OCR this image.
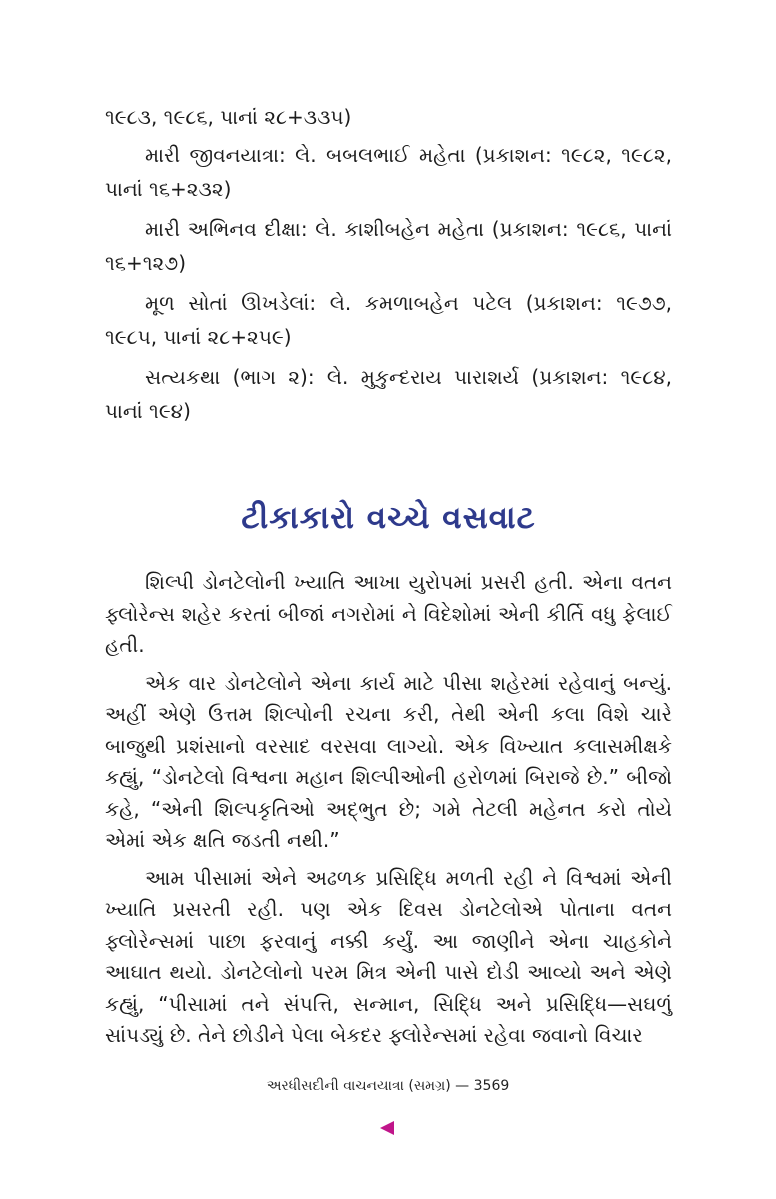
૧૯૮૩, ૧૯૮૬, પાનાં ૨૮+૩૩૫)

મારી જીવનયાત્રા: લે. બબલભાઈ મહેતા (પ્રકાશન: ૧૯૮૨, ૧૯૮૨, પાનાં ૧૬+૨૩૨)

મારી અભિનવ દીક્ષા: લે. કાશીબહેન મહેતા (પ્રકાશન: ૧૯૮૬, પાનાં ૧૬+૧૨૭)

મૂળ સોતાં ઊખડેલાં: લે. કમળાબહેન પટેલ (પ્રકાશન: ૧૯૭૭, ૧૯૮૫, પાનાં ૨૮+૨૫૯)

સત્યકથા (ભાગ ૨): લે. મુકુન્દરાય પારાશર્ય (પ્રકાશન: ૧૯૮૪, પાનાં ૧૯૪)

ટીકાકારો વચ્ચે વસવાટ

શિલ્પી ડોનટેલોની ખ્યાતિ આખા યુરોપમાં પ્રસરી હતી. એના વતન ફ્લોરેન્સ શહેર કરતાં બીજાં નગરોમાં ને વિદેશોમાં એની કીર્તિ વધુ ફેલાઈ હતી.

એક વાર ડોનટેલોને એના કાર્ય માટે પીસા શહેરમાં રહેવાનું બન્યું. અહીં એણે ઉત્તમ શિલ્પોની રચના કરી, તેથી એની કલા વિશે ચારે બાજુથી પ્રશંસાનો વરસાદ વરસવા લાગ્યો. એક વિખ્યાત કલાસમીક્ષકે કહ્યું, “ડોનટેલો વિશ્વના મહાન શિલ્પીઓની હરોળમાં બિરાજે છે.” બીજો કહે, “એની શિલ્પકૃતિઓ અદ્ભુત છે; ગમે તેટલી મહેનત કરો તોયે એમાં એક ક્ષતિ જડતી નથી.”

આમ પીસામાં એને અઢળક પ્રસિદ્ધિ મળતી રહી ને વિશ્વમાં એની ખ્યાતિ પ્રસરતી રહી. પણ એક દિવસ ડોનટેલોએ પોતાના વતન ફ્લોરેન્સમાં પાછા ફરવાનું નક્કી કર્યું. આ જાણીને એના ચાહકોને આઘાત થયો. ડોનટેલોનો પરમ મિત્ર એની પાસે દોડી આવ્યો અને એણે કહ્યું, “પીસામાં તને સંપત્તિ, સન્માન, સિદ્ધિ અને પ્રસિદ્ધિ—સઘળું સાંપડ્યું છે. તેને છોડીને પેલા બેકદર ફ્લોરેન્સમાં રહેવા જવાનો વિચાર

અરધીસદીની વાચનયાત્રા (સમગ્ર) — 3569
